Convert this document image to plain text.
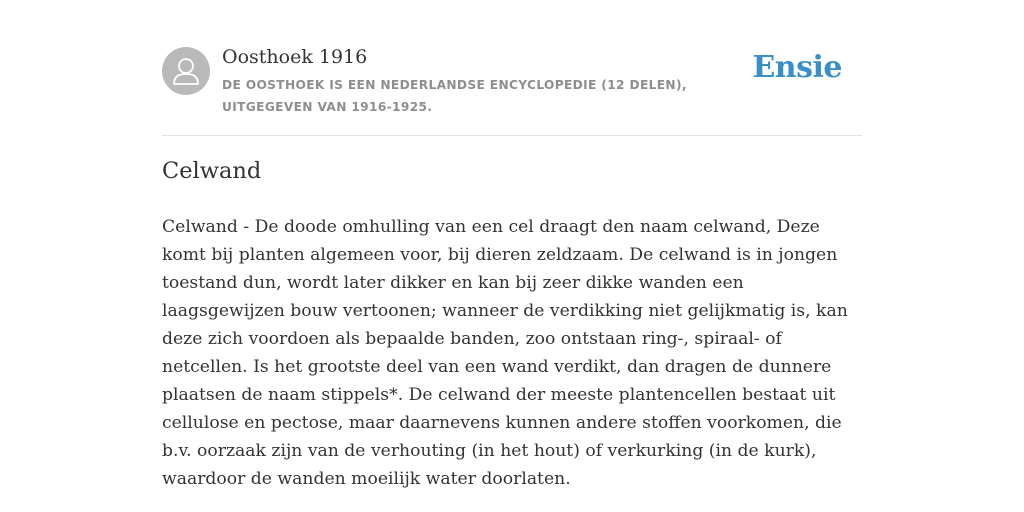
Oosthoek 1916
DE OOSTHOEK IS EEN NEDERLANDSE ENCYCLOPEDIE (12 DELEN), UITGEGEVEN VAN 1916-1925.
Ensie
Celwand

Celwand - De doode omhulling van een cel draagt den naam celwand, Deze komt bij planten algemeen voor, bij dieren zeldzaam. De celwand is in jongen toestand dun, wordt later dikker en kan bij zeer dikke wanden een laagsgewijzen bouw vertoonen; wanneer de verdikking niet gelijkmatig is, kan deze zich voordoen als bepaalde banden, zoo ontstaan ring-, spiraal- of netcellen. Is het grootste deel van een wand verdikt, dan dragen de dunnere plaatsen de naam stippels*. De celwand der meeste plantencellen bestaat uit cellulose en pectose, maar daarnevens kunnen andere stoffen voorkomen, die b.v. oorzaak zijn van de verhouting (in het hout) of verkurking (in de kurk), waardoor de wanden moeilijk water doorlaten.
